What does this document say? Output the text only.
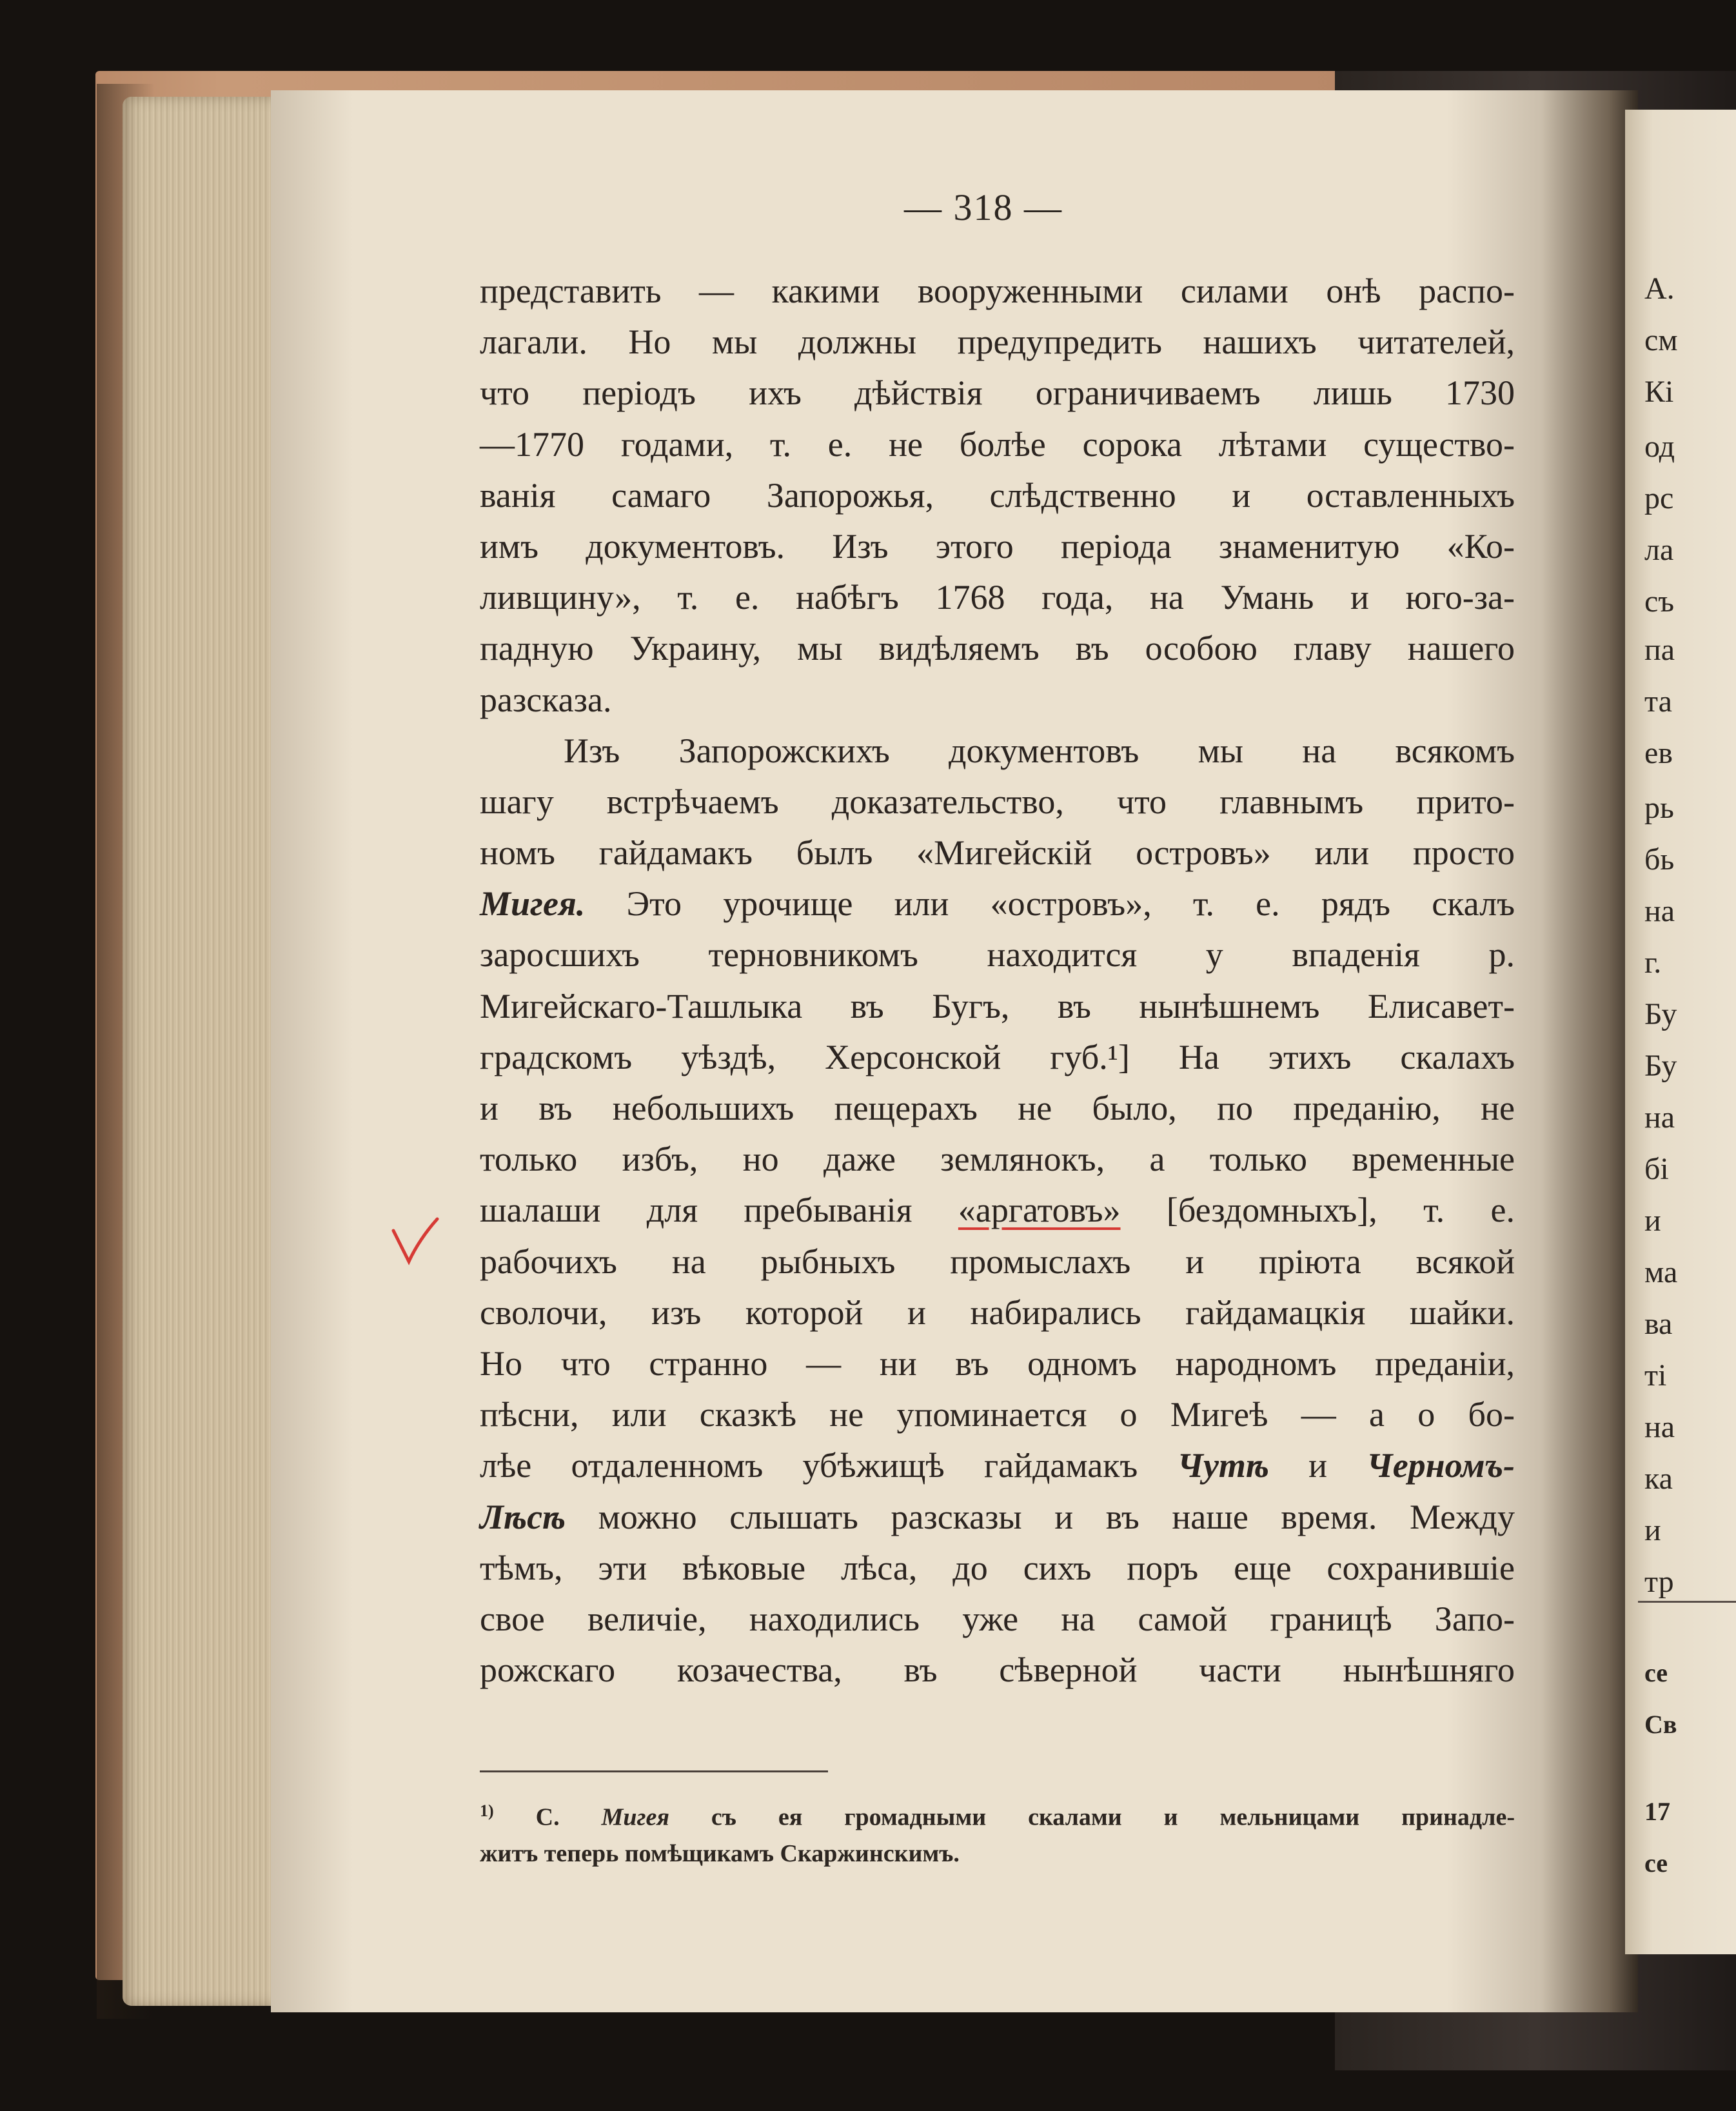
А.
см
Кі
од
рс
ла
съ
па
та
ев
рь
бь
на
г.
Бу
Бу
на
бі
и
ма
ва
ті
на
ка
и
тр
се
Св
17
се
— 318 —
представить — какими вооруженными силами онѣ распо-
лагали. Но мы должны предупредить нашихъ читателей,
что періодъ ихъ дѣйствія ограничиваемъ лишь 1730
—1770 годами, т. е. не болѣе сорока лѣтами существо-
ванія самаго Запорожья, слѣдственно и оставленныхъ
имъ документовъ. Изъ этого періода знаменитую «Ко-
ливщину», т. е. набѣгъ 1768 года, на Умань и юго-за-
падную Украину, мы видѣляемъ въ особою главу нашего
разсказа.
Изъ Запорожскихъ документовъ мы на всякомъ
шагу встрѣчаемъ доказательство, что главнымъ прито-
номъ гайдамакъ былъ «Мигейскій островъ» или просто
Мигея. Это урочище или «островъ», т. е. рядъ скалъ
заросшихъ терновникомъ находится у впаденія р.
Мигейскаго-Ташлыка въ Бугъ, въ нынѣшнемъ Елисавет-
градскомъ уѣздѣ, Херсонской губ.¹] На этихъ скалахъ
и въ небольшихъ пещерахъ не было, по преданію, не
только избъ, но даже землянокъ, а только временные
шалаши для пребыванія «аргатовъ» [бездомныхъ], т. е.
рабочихъ на рыбныхъ промыслахъ и пріюта всякой
сволочи, изъ которой и набирались гайдамацкія шайки.
Но что странно — ни въ одномъ народномъ преданіи,
пѣсни, или сказкѣ не упоминается о Мигеѣ — а о бо-
лѣе отдаленномъ убѣжищѣ гайдамакъ Чутѣ и Черномъ-
Лѣсѣ можно слышать разсказы и въ наше время. Между
тѣмъ, эти вѣковые лѣса, до сихъ поръ еще сохранившіе
свое величіе, находились уже на самой границѣ Запо-
рожскаго козачества, въ сѣверной части нынѣшняго
$^{1)}$ С. Мигея съ ея громадными скалами и мельницами принадле-
житъ теперь помѣщикамъ Скаржинскимъ.
